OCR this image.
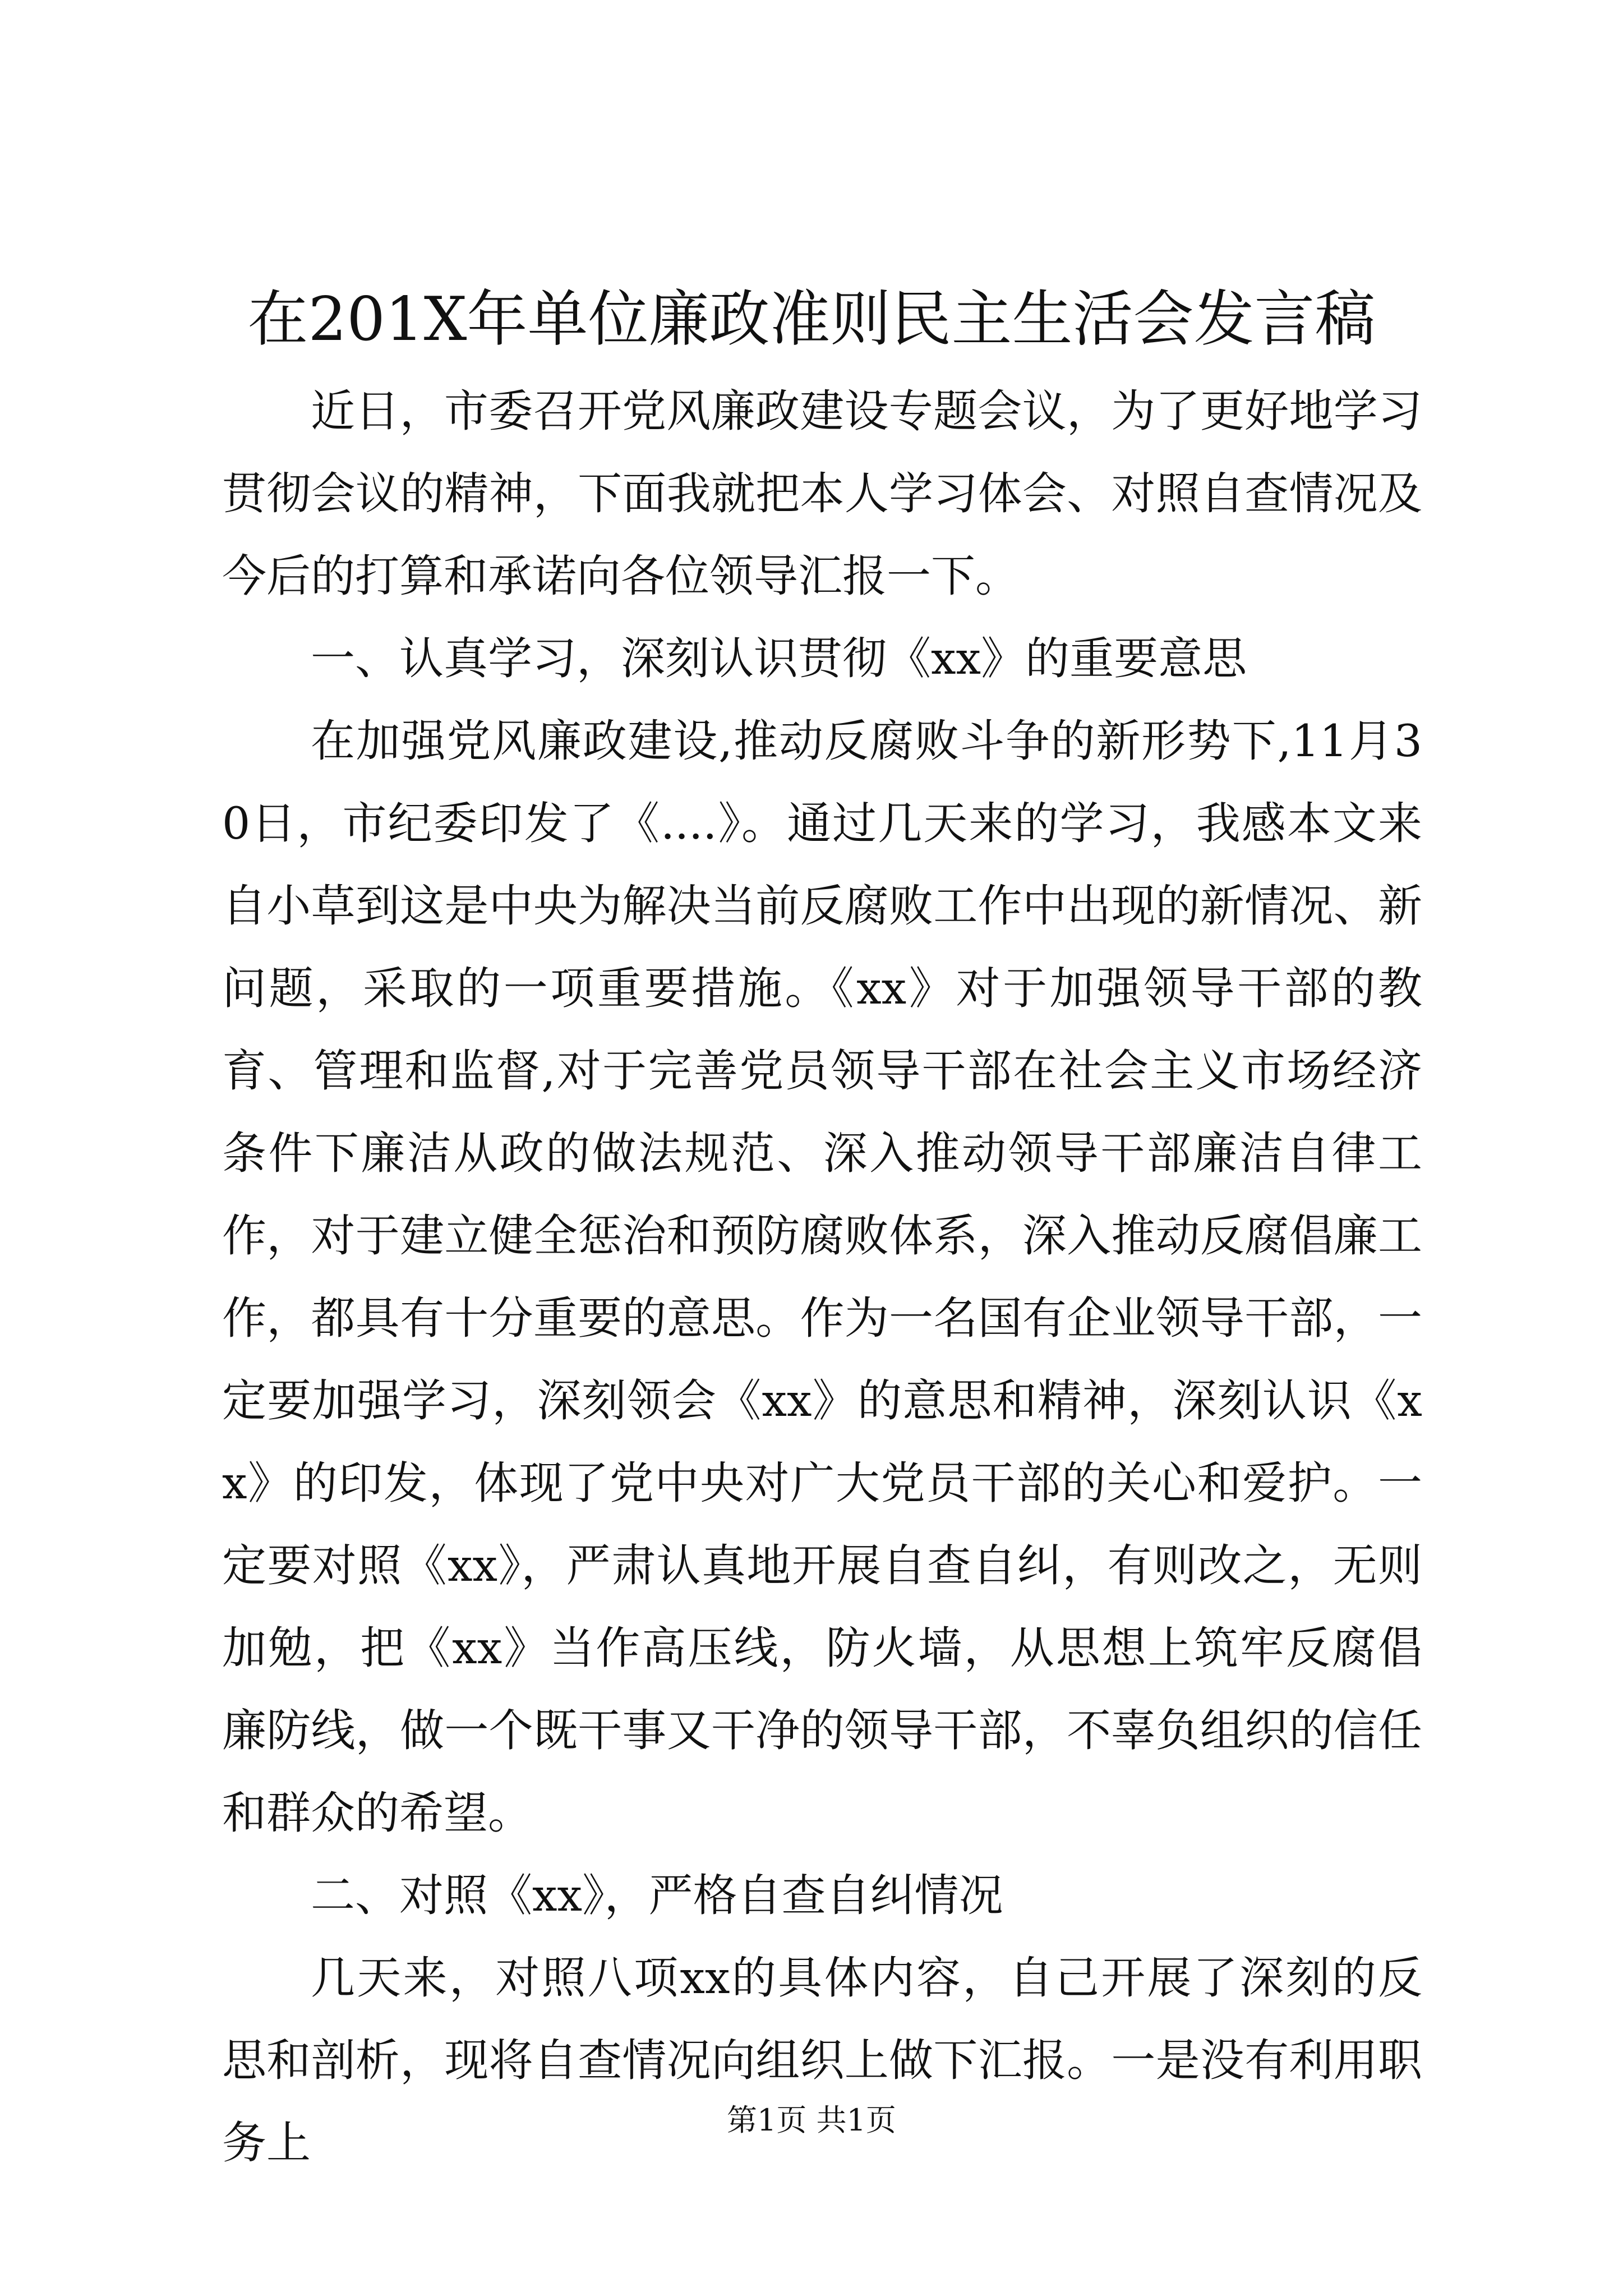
在201X年单位廉政准则民主生活会发言稿

近日，市委召开党风廉政建设专题会议，为了更好地学习贯彻会议的精神，下面我就把本人学习体会、对照自查情况及今后的打算和承诺向各位领导汇报一下。

一、认真学习，深刻认识贯彻《xx》的重要意思

在加强党风廉政建设,推动反腐败斗争的新形势下,11月30日，市纪委印发了《....》。通过几天来的学习，我感本文来自小草到这是中央为解决当前反腐败工作中出现的新情况、新问题，采取的一项重要措施。《xx》对于加强领导干部的教育、管理和监督,对于完善党员领导干部在社会主义市场经济条件下廉洁从政的做法规范、深入推动领导干部廉洁自律工作，对于建立健全惩治和预防腐败体系，深入推动反腐倡廉工作，都具有十分重要的意思。作为一名国有企业领导干部，一定要加强学习，深刻领会《xx》的意思和精神，深刻认识《xx》的印发，体现了党中央对广大党员干部的关心和爱护。一定要对照《xx》，严肃认真地开展自查自纠，有则改之，无则加勉，把《xx》当作高压线，防火墙，从思想上筑牢反腐倡廉防线，做一个既干事又干净的领导干部，不辜负组织的信任和群众的希望。

二、对照《xx》，严格自查自纠情况

几天来，对照八项xx的具体内容，自己开展了深刻的反思和剖析，现将自查情况向组织上做下汇报。一是没有利用职务上	第1页 共1页
